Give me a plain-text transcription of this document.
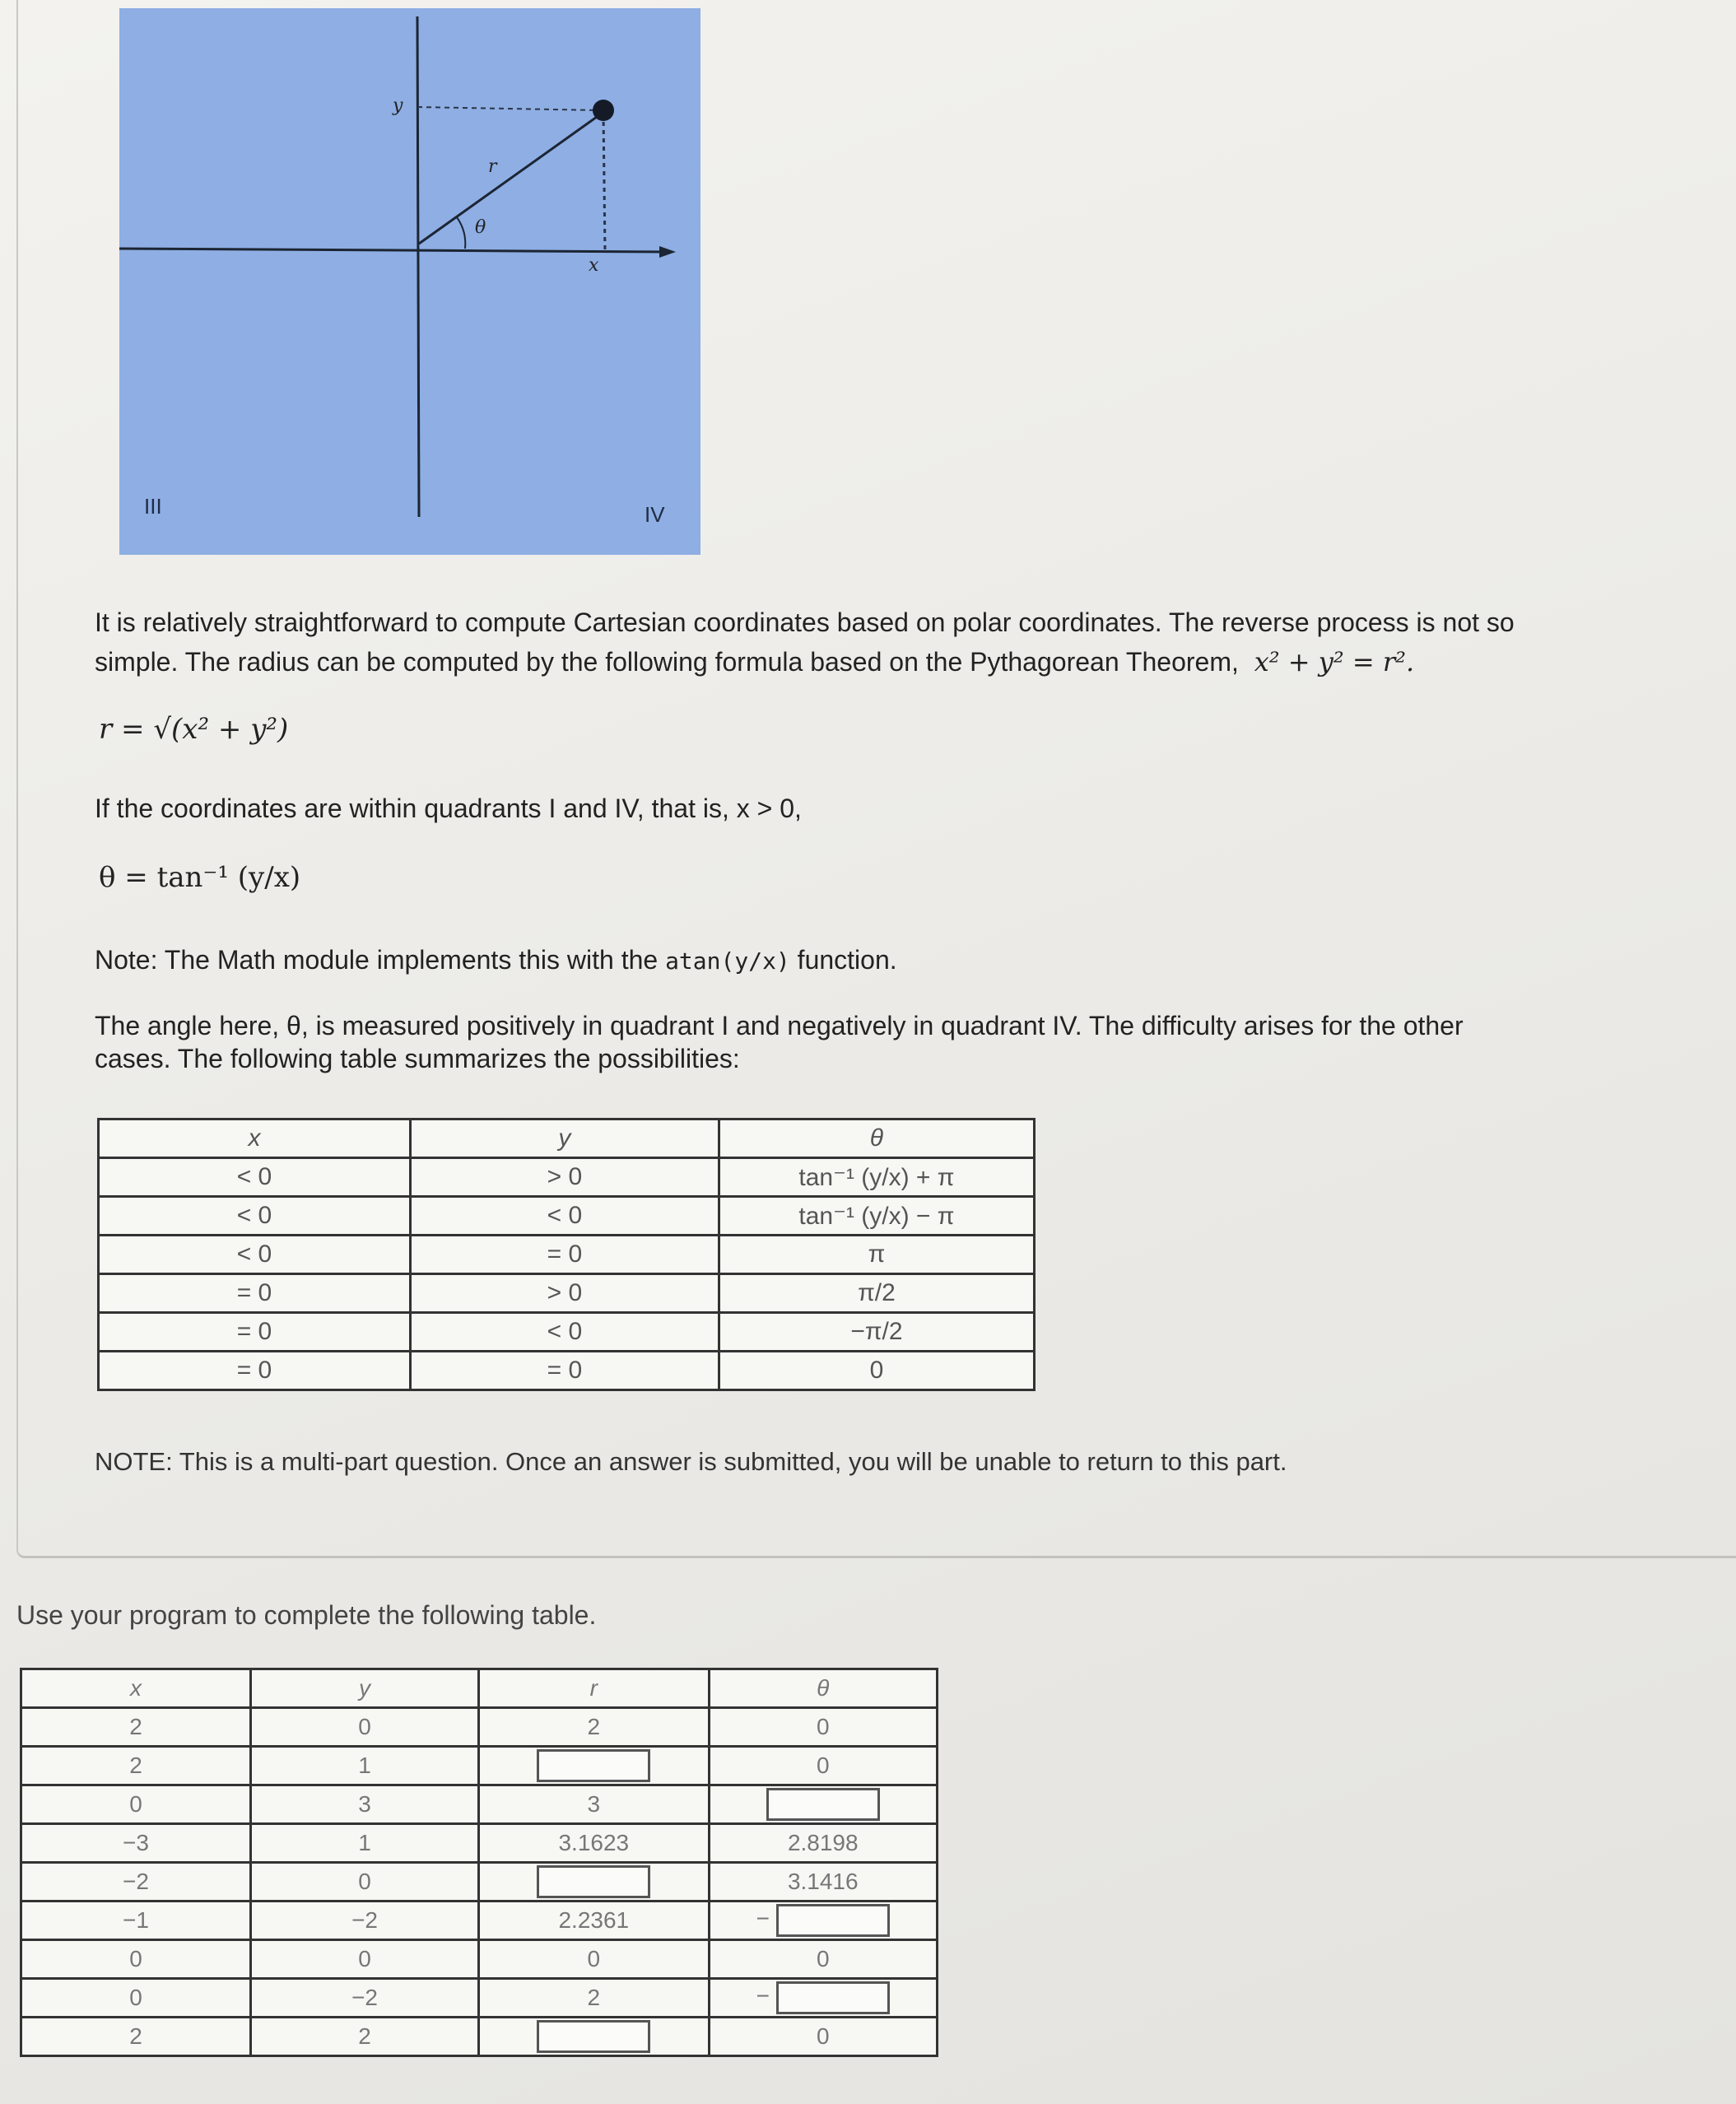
y
x
r
θ
III	IV
It is relatively straightforward to compute Cartesian coordinates based on polar coordinates. The reverse process is not so
simple. The radius can be computed by the following formula based on the Pythagorean Theorem, x² + y² = r².
r = √(x² + y²)
If the coordinates are within quadrants I and IV, that is, x > 0,
θ = tan⁻¹ (y/x)
Note: The Math module implements this with the atan(y/x) function.
The angle here, θ, is measured positively in quadrant I and negatively in quadrant IV. The difficulty arises for the other
cases. The following table summarizes the possibilities:
x	y	θ
< 0	> 0	tan⁻¹ (y/x) + π
< 0	< 0	tan⁻¹ (y/x) − π
< 0	= 0	π
= 0	> 0	π/2
= 0	< 0	−π/2
= 0	= 0	0
NOTE: This is a multi-part question. Once an answer is submitted, you will be unable to return to this part.
Use your program to complete the following table.
x	y	r	θ
2	0	2	0
2	1		0
0	3	3	
−3	1	3.1623	2.8198
−2	0		3.1416
−1	−2	2.2361	−
0	0	0	0
0	−2	2	−
2	2		0
